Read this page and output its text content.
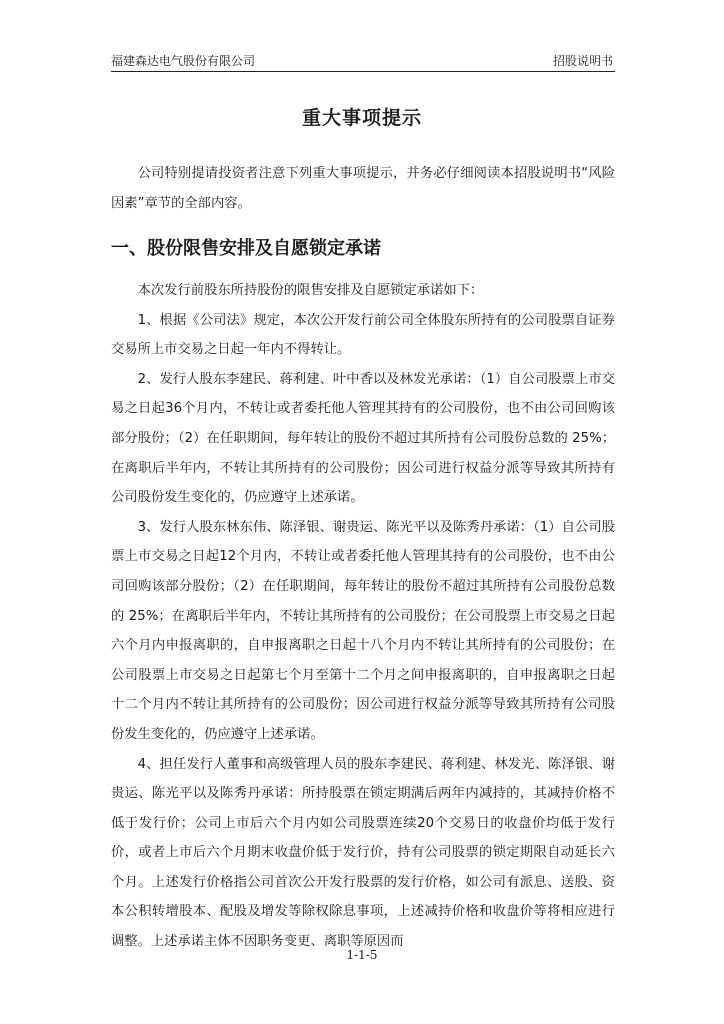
福建森达电气股份有限公司	招股说明书
重大事项提示

公司特别提请投资者注意下列重大事项提示，并务必仔细阅读本招股说明书“风险因素”章节的全部内容。

一、股份限售安排及自愿锁定承诺

本次发行前股东所持股份的限售安排及自愿锁定承诺如下：

1、根据《公司法》规定，本次公开发行前公司全体股东所持有的公司股票自证券交易所上市交易之日起一年内不得转让。

2、发行人股东李建民、蒋利建、叶中香以及林发光承诺：（1）自公司股票上市交易之日起36个月内，不转让或者委托他人管理其持有的公司股份，也不由公司回购该部分股份；（2）在任职期间，每年转让的股份不超过其所持有公司股份总数的 25%；在离职后半年内，不转让其所持有的公司股份；因公司进行权益分派等导致其所持有公司股份发生变化的，仍应遵守上述承诺。

3、发行人股东林东伟、陈泽银、谢贵运、陈光平以及陈秀丹承诺：（1）自公司股票上市交易之日起12个月内，不转让或者委托他人管理其持有的公司股份，也不由公司回购该部分股份；（2）在任职期间，每年转让的股份不超过其所持有公司股份总数的 25%；在离职后半年内，不转让其所持有的公司股份；在公司股票上市交易之日起六个月内申报离职的，自申报离职之日起十八个月内不转让其所持有的公司股份；在公司股票上市交易之日起第七个月至第十二个月之间申报离职的，自申报离职之日起十二个月内不转让其所持有的公司股份；因公司进行权益分派等导致其所持有公司股份发生变化的，仍应遵守上述承诺。

4、担任发行人董事和高级管理人员的股东李建民、蒋利建、林发光、陈泽银、谢贵运、陈光平以及陈秀丹承诺：所持股票在锁定期满后两年内减持的，其减持价格不低于发行价；公司上市后六个月内如公司股票连续20个交易日的收盘价均低于发行价，或者上市后六个月期末收盘价低于发行价，持有公司股票的锁定期限自动延长六个月。上述发行价格指公司首次公开发行股票的发行价格，如公司有派息、送股、资本公积转增股本、配股及增发等除权除息事项，上述减持价格和收盘价等将相应进行调整。上述承诺主体不因职务变更、离职等原因而

1-1-5
